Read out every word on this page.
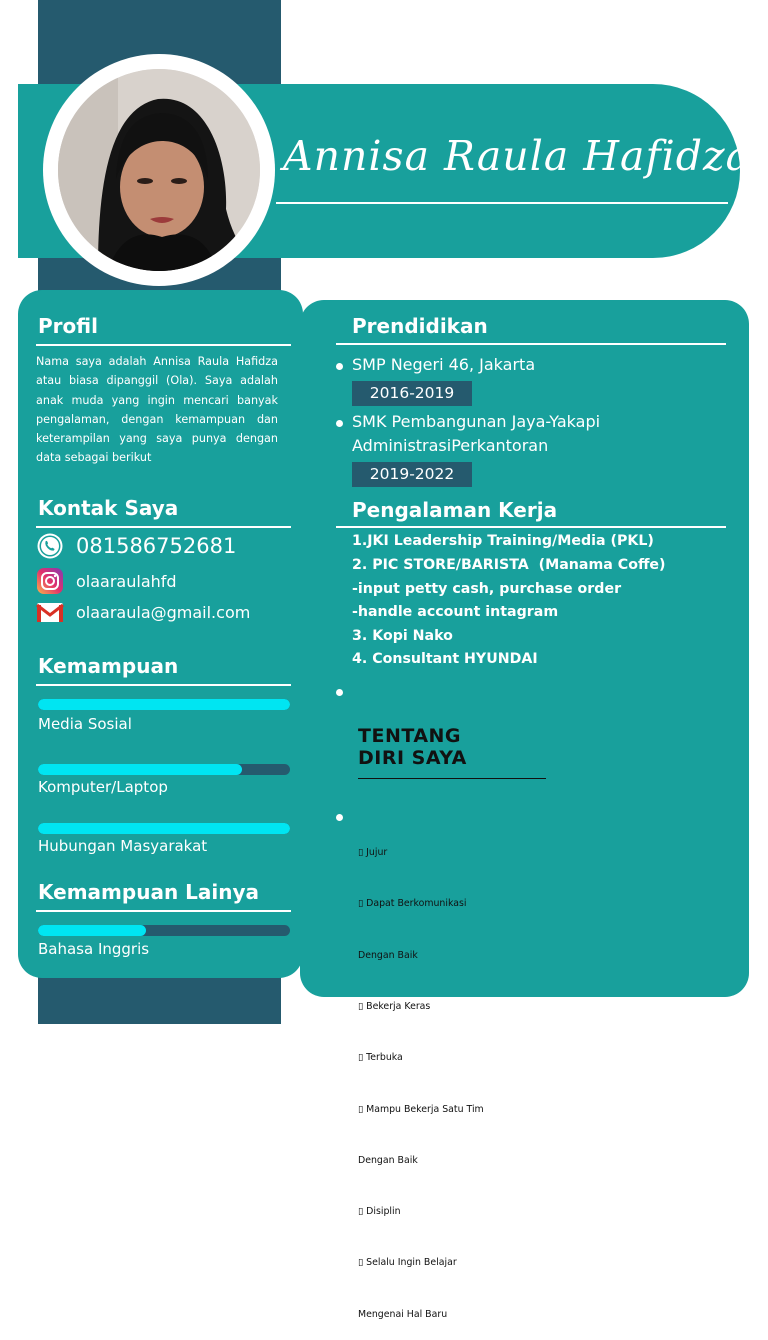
Annisa Raula Hafidza
Profil
Nama saya adalah Annisa Raula Hafidza atau biasa dipanggil (Ola). Saya adalah anak muda yang ingin mencari banyak pengalaman, dengan kemampuan dan keterampilan yang saya punya dengan data sebagai berikut
Kontak Saya
081586752681
olaaraulahfd
olaaraula@gmail.com
Kemampuan
Media Sosial
Komputer/Laptop
Hubungan Masyarakat
Kemampuan Lainya
Bahasa Inggris
Prendidikan
SMP Negeri 46, Jakarta
2016-2019
SMK Pembangunan Jaya-Yakapi
AdministrasiPerkantoran
2019-2022
Pengalaman Kerja
1.JKI Leadership Training/Media (PKL)
2. PIC STORE/BARISTA  (Manama Coffe)
-input petty cash, purchase order
-handle account intagram
3. Kopi Nako
4. Consultant HYUNDAI
TENTANG
DIRI SAYA

▯ Jujur

▯ Dapat Berkomunikasi

Dengan Baik

▯ Bekerja Keras

▯ Terbuka

▯ Mampu Bekerja Satu Tim

Dengan Baik

▯ Disiplin

▯ Selalu Ingin Belajar

Mengenai Hal Baru
